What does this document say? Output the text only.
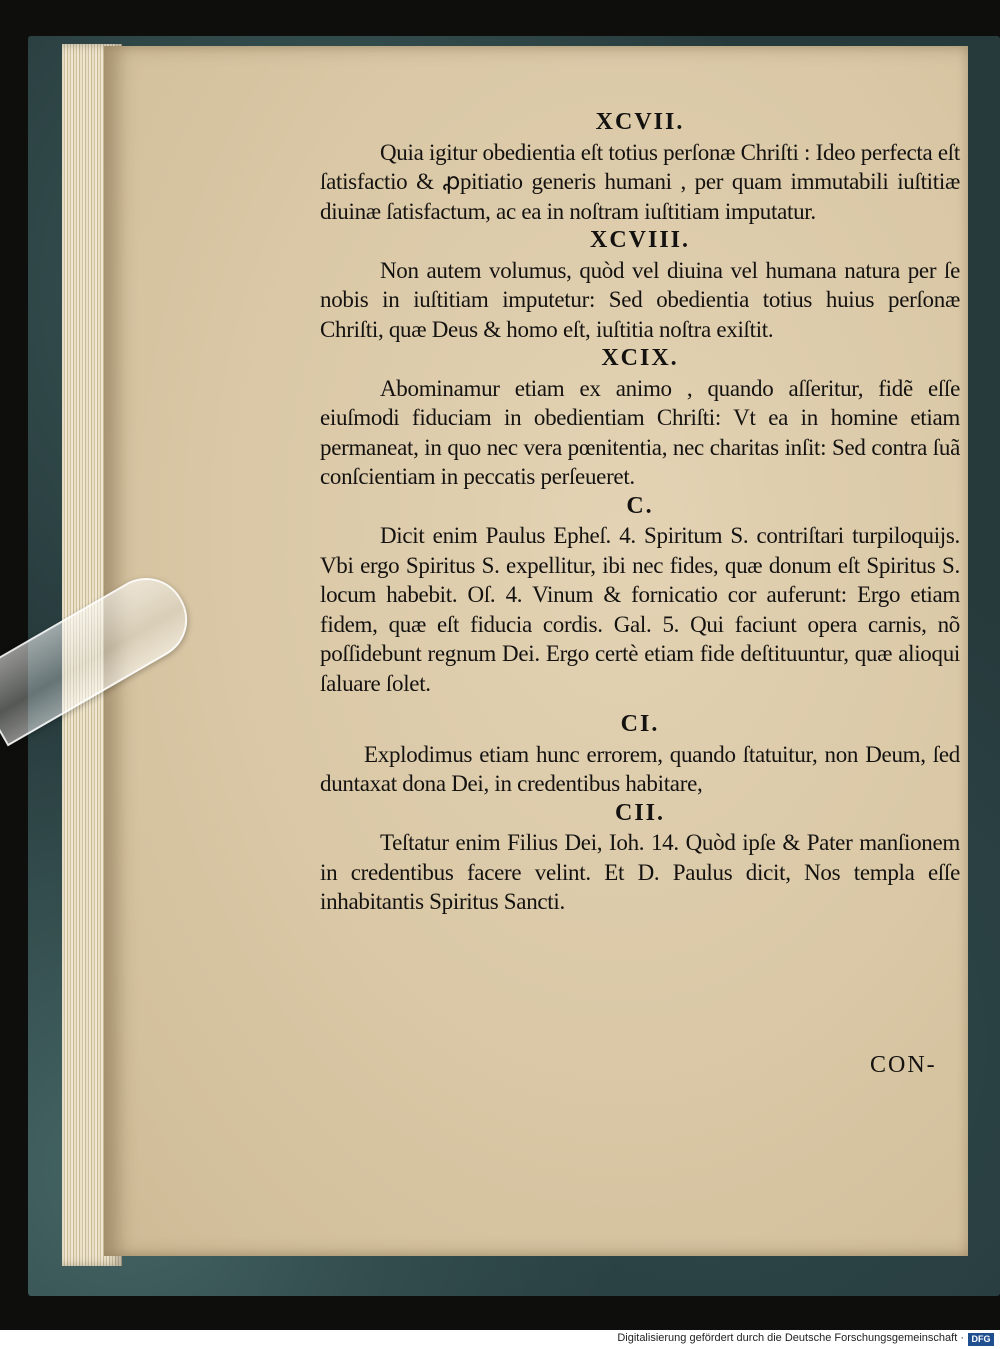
XCVII.

Quia igitur obedientia eſt totius perſonæ Chriſti : Ideo perfecta eſt ſatisfactio & ꝓpitiatio generis humani , per quam immutabili iuſtitiæ diuinæ ſatisfactum, ac ea in noſtram iuſtitiam imputatur.

XCVIII.

Non autem volumus, quòd vel diuina vel humana natura per ſe nobis in iuſtitiam imputetur: Sed obedientia totius huius perſonæ Chriſti, quæ Deus & homo eſt, iuſtitia noſtra exiſtit.

XCIX.

Abominamur etiam ex animo , quando aſſeritur, fidẽ eſſe eiuſmodi fiduciam in obedientiam Chriſti: Vt ea in homine etiam permaneat, in quo nec vera pœnitentia, nec charitas inſit: Sed contra ſuã conſcientiam in peccatis perſeueret.

C.

Dicit enim Paulus Epheſ. 4. Spiritum S. contriſtari turpiloquijs. Vbi ergo Spiritus S. expellitur, ibi nec fides, quæ donum eſt Spiritus S. locum habebit. Oſ. 4. Vinum & fornicatio cor auferunt: Ergo etiam fidem, quæ eſt fiducia cordis. Gal. 5. Qui faciunt opera carnis, nõ poſſidebunt regnum Dei. Ergo certè etiam fide deſtituuntur, quæ alioqui ſaluare ſolet.

CI.

Explodimus etiam hunc errorem, quando ſtatuitur, non Deum, ſed duntaxat dona Dei, in credentibus habitare,

CII.

Teſtatur enim Filius Dei, Ioh. 14. Quòd ipſe & Pater manſionem in credentibus facere velint. Et D. Paulus dicit, Nos templa eſſe inhabitantis Spiritus Sancti.

CON-
Digitalisierung gefördert durch die Deutsche Forschungsgemeinschaft · DFG
